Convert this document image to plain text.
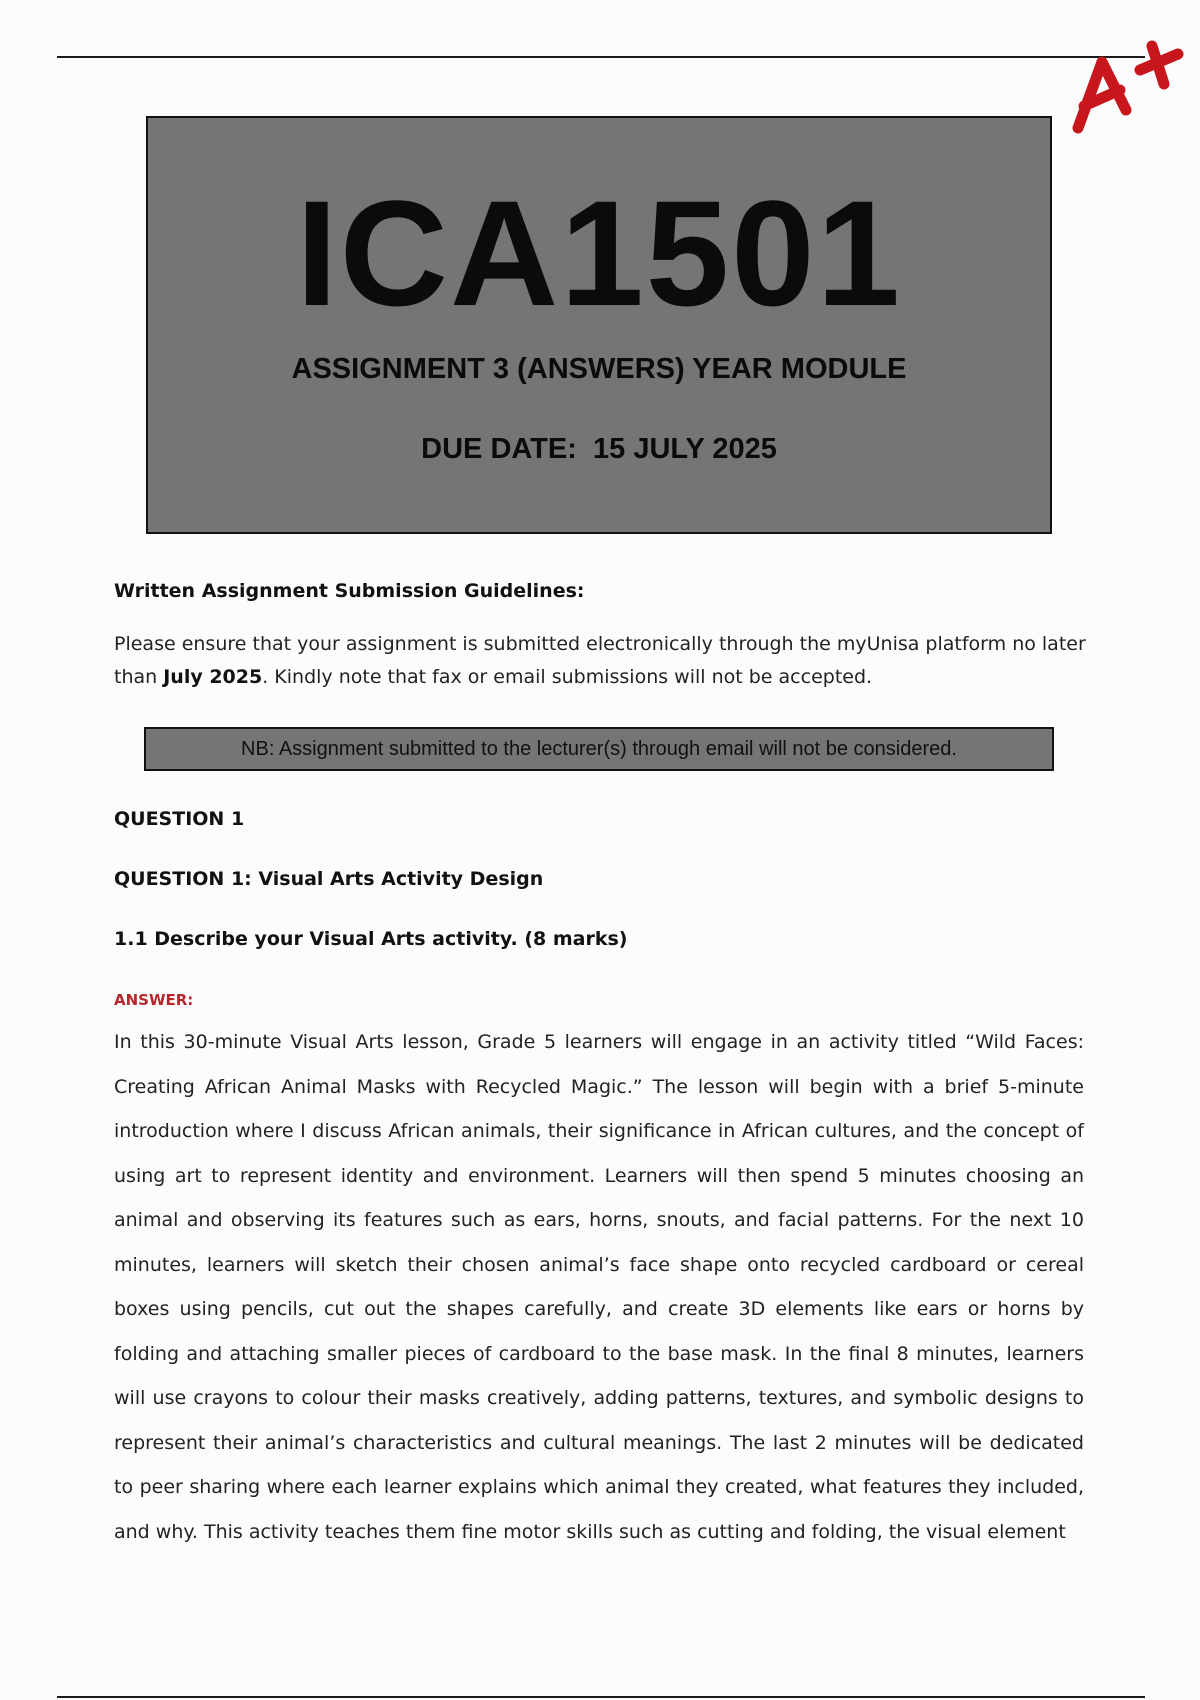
ICA1501
ASSIGNMENT 3 (ANSWERS) YEAR MODULE
DUE DATE:  15 JULY 2025
Written Assignment Submission Guidelines:
Please ensure that your assignment is submitted electronically through the myUnisa platform no later than July 2025. Kindly note that fax or email submissions will not be accepted.
NB: Assignment submitted to the lecturer(s) through email will not be considered.
QUESTION 1
QUESTION 1: Visual Arts Activity Design
1.1 Describe your Visual Arts activity. (8 marks)
ANSWER:
In this 30-minute Visual Arts lesson, Grade 5 learners will engage in an activity titled “Wild Faces: Creating African Animal Masks with Recycled Magic.” The lesson will begin with a brief 5-minute introduction where I discuss African animals, their significance in African cultures, and the concept of using art to represent identity and environment. Learners will then spend 5 minutes choosing an animal and observing its features such as ears, horns, snouts, and facial patterns. For the next 10 minutes, learners will sketch their chosen animal’s face shape onto recycled cardboard or cereal boxes using pencils, cut out the shapes carefully, and create 3D elements like ears or horns by folding and attaching smaller pieces of cardboard to the base mask. In the final 8 minutes, learners will use crayons to colour their masks creatively, adding patterns, textures, and symbolic designs to represent their animal’s characteristics and cultural meanings. The last 2 minutes will be dedicated to peer sharing where each learner explains which animal they created, what features they included, and why. This activity teaches them fine motor skills such as cutting and folding, the visual element
